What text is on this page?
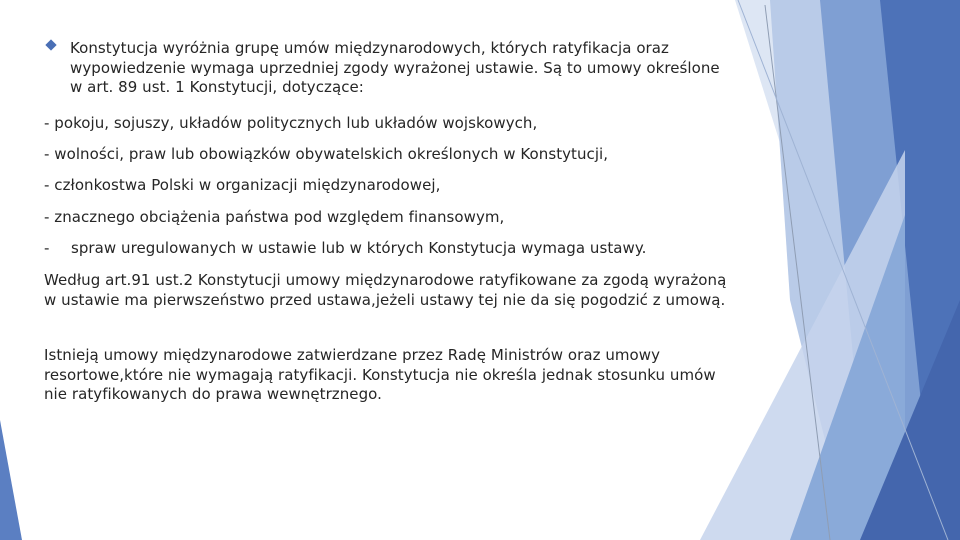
Konstytucja wyróżnia grupę umów międzynarodowych, których ratyfikacja oraz wypowiedzenie wymaga uprzedniej zgody wyrażonej ustawie. Są to umowy określone w art. 89 ust. 1 Konstytucji, dotyczące:
- pokoju, sojuszy, układów politycznych lub układów wojskowych,
- wolności, praw lub obowiązków obywatelskich określonych w Konstytucji,
- członkostwa Polski w organizacji międzynarodowej,
- znacznego obciążenia państwa pod względem finansowym,
- spraw uregulowanych w ustawie lub w których Konstytucja wymaga ustawy.
Według art.91 ust.2 Konstytucji umowy międzynarodowe ratyfikowane za zgodą wyrażoną w ustawie ma pierwszeństwo przed ustawa,jeżeli ustawy tej nie da się pogodzić z umową.
Istnieją umowy międzynarodowe zatwierdzane przez Radę Ministrów oraz umowy resortowe,które nie wymagają ratyfikacji. Konstytucja nie określa jednak stosunku umów nie ratyfikowanych do prawa wewnętrznego.
